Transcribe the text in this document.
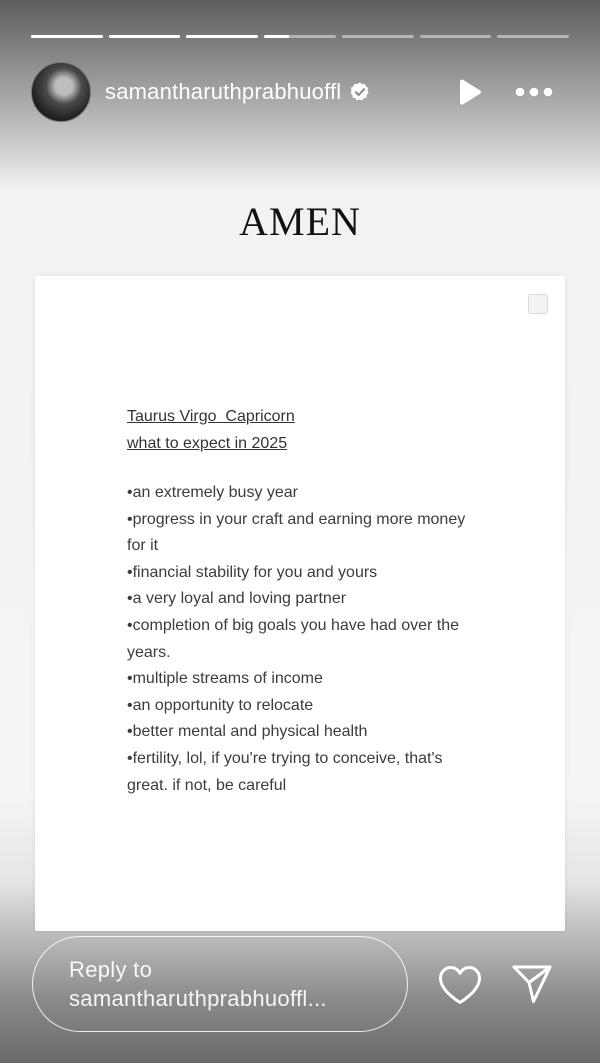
samantharuthprabhuoffl
AMEN
Taurus Virgo  Capricorn
what to expect in 2025
•an extremely busy year
•progress in your craft and earning more money for it
•financial stability for you and yours
•a very loyal and loving partner
•completion of big goals you have had over the years.
•multiple streams of income
•an opportunity to relocate
•better mental and physical health
•fertility, lol, if you're trying to conceive, that's great. if not, be careful
Reply to
samantharuthprabhuoffl...
